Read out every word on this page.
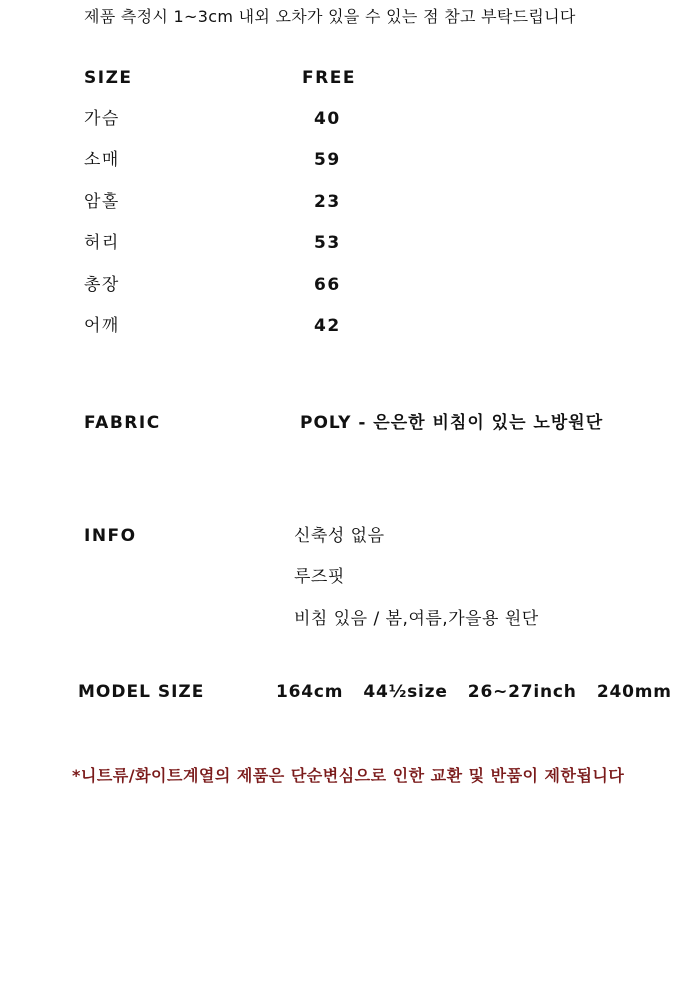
제품 측정시 1~3cm 내외 오차가 있을 수 있는 점 참고 부탁드립니다
SIZE	FREE
가슴	40
소매	59
암홀	23
허리	53
총장	66
어깨	42
FABRIC	POLY - 은은한 비침이 있는 노방원단
INFO	신축성 없음
루즈핏
비침 있음 / 봄,여름,가을용 원단
MODEL SIZE	164cm   44½size   26~27inch   240mm
*니트류/화이트계열의 제품은 단순변심으로 인한 교환 및 반품이 제한됩니다
